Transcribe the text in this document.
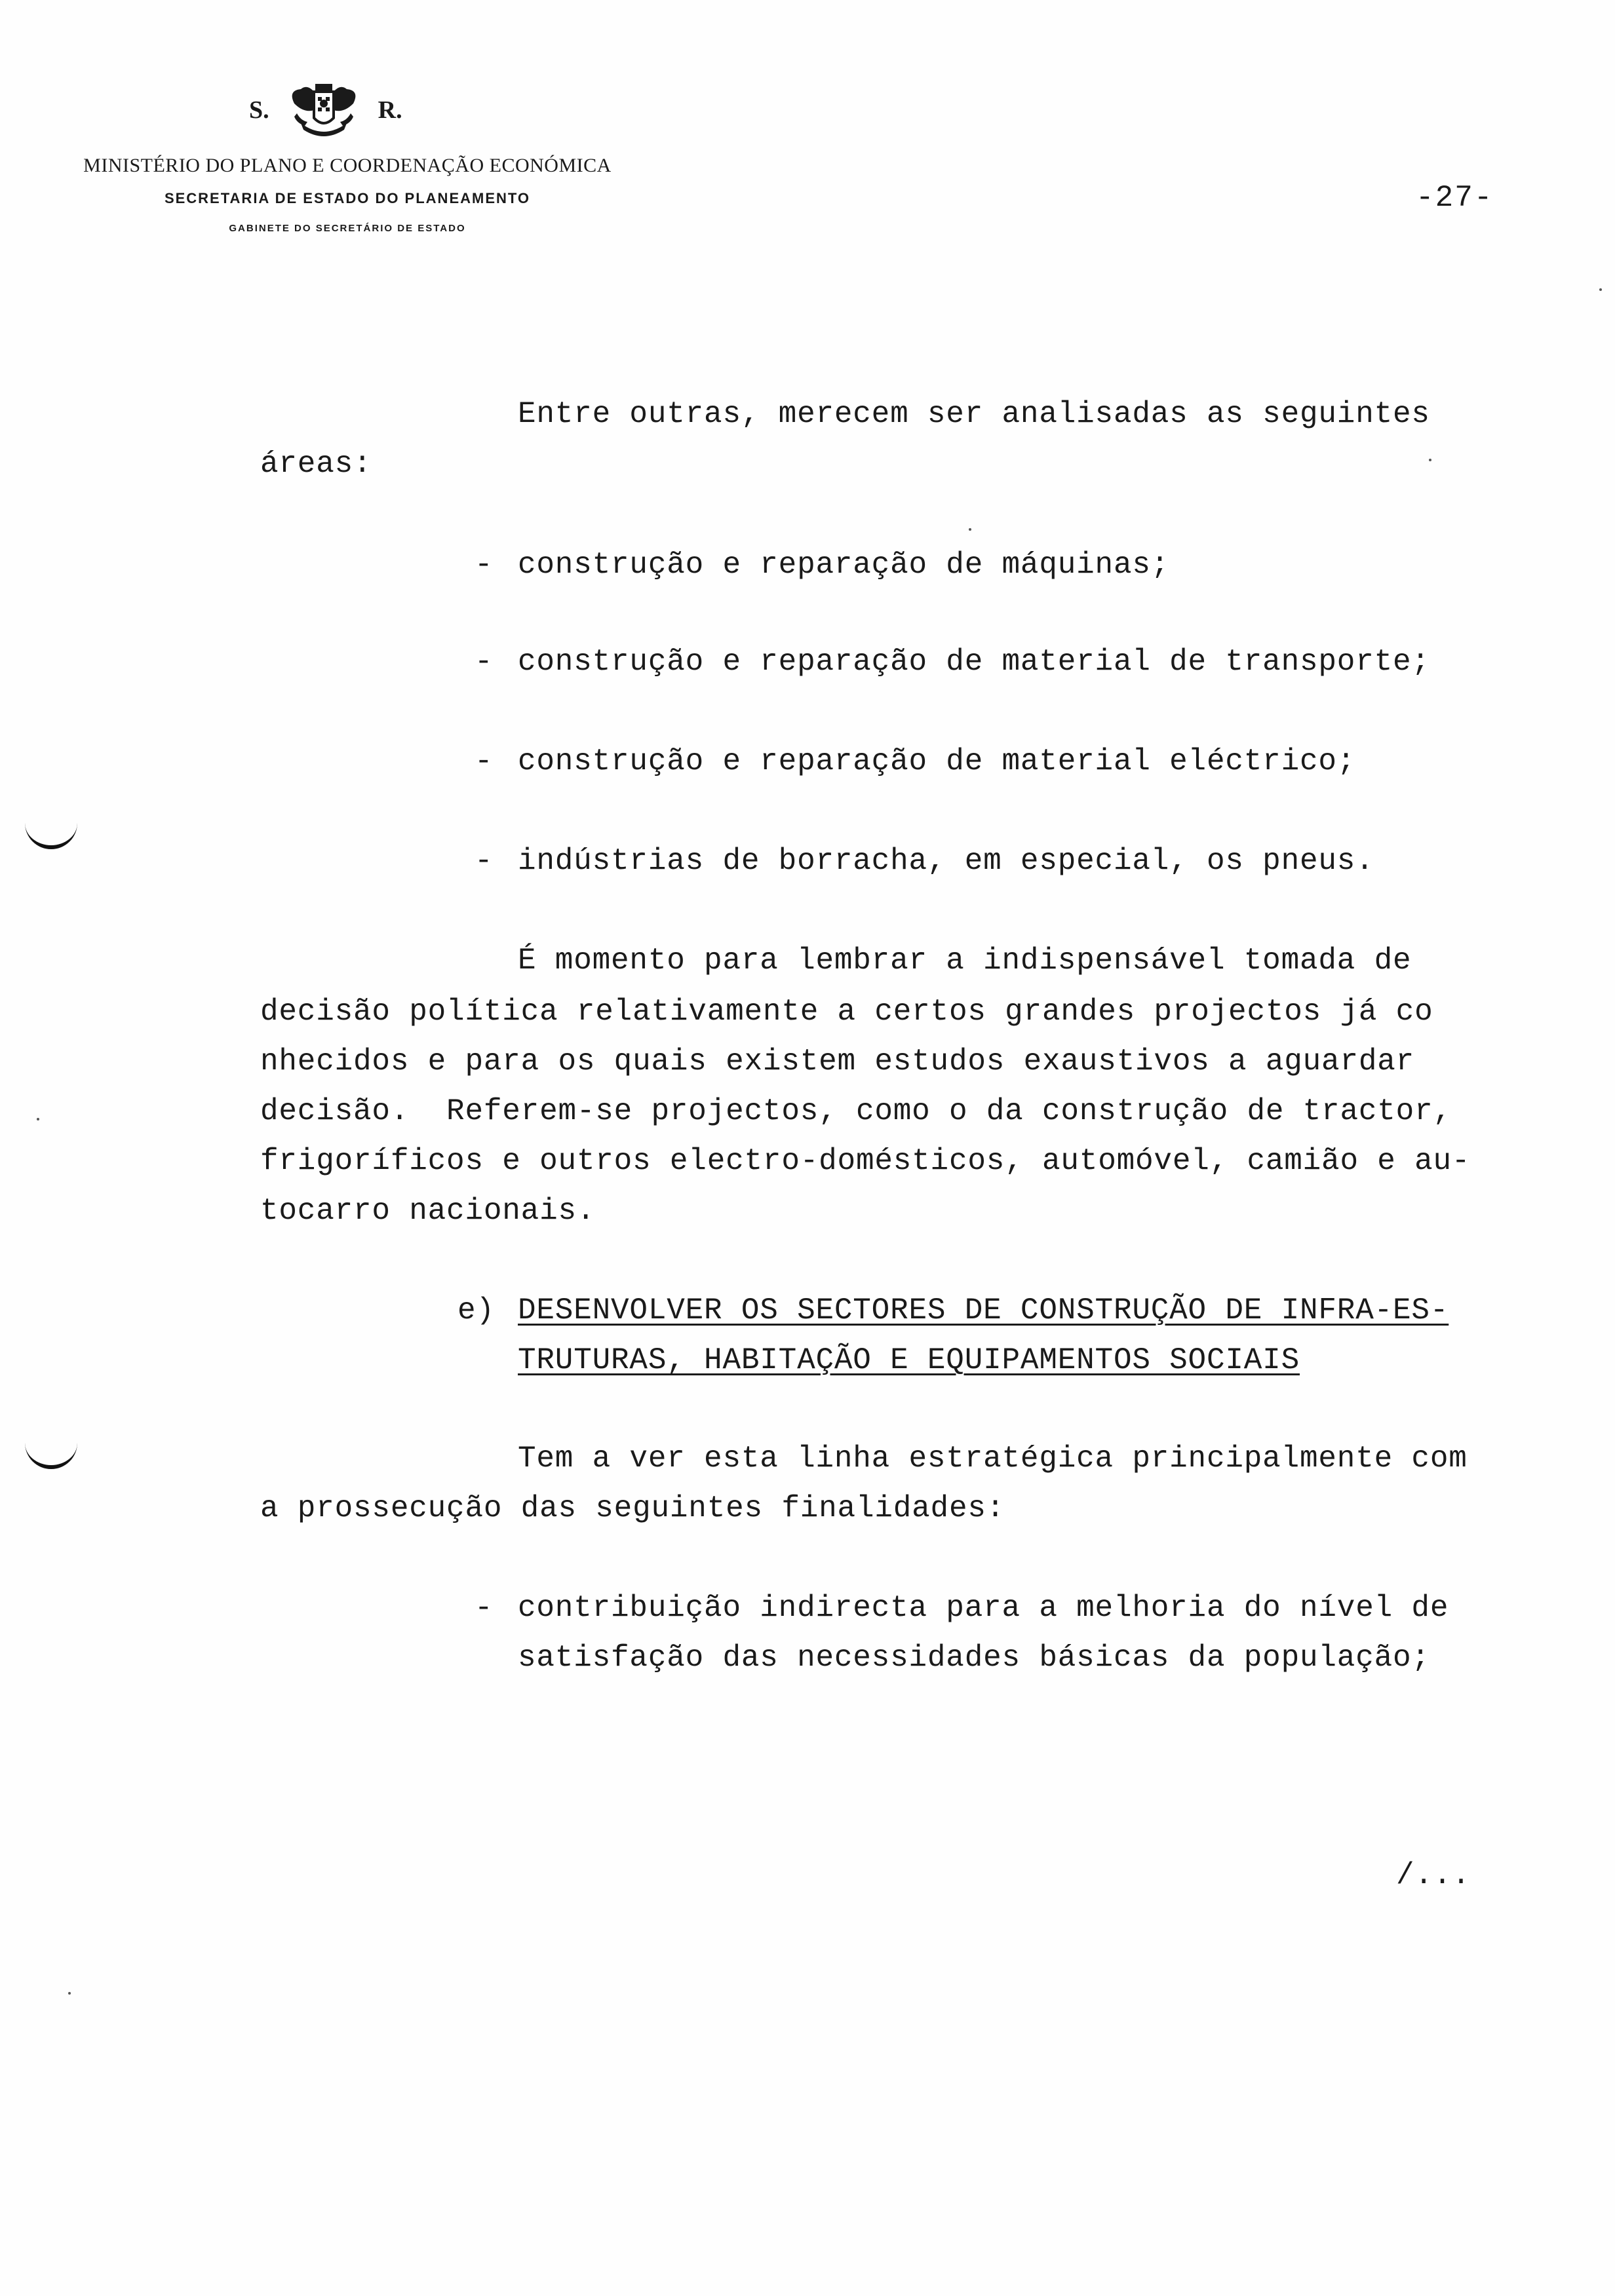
S.	R.
MINISTÉRIO DO PLANO E COORDENAÇÃO ECONÓMICA
SECRETARIA DE ESTADO DO PLANEAMENTO
GABINETE DO SECRETÁRIO DE ESTADO
-27-
Entre outras, merecem ser analisadas as seguintes
áreas:
- construção e reparação de máquinas;
- construção e reparação de material de transporte;
- construção e reparação de material eléctrico;
- indústrias de borracha, em especial, os pneus.
É momento para lembrar a indispensável tomada de
decisão política relativamente a certos grandes projectos já co
nhecidos e para os quais existem estudos exaustivos a aguardar
decisão.  Referem-se projectos, como o da construção de tractor,
frigoríficos e outros electro-domésticos, automóvel, camião e au-
tocarro nacionais.
e) DESENVOLVER OS SECTORES DE CONSTRUÇÃO DE INFRA-ES-
TRUTURAS, HABITAÇÃO E EQUIPAMENTOS SOCIAIS
Tem a ver esta linha estratégica principalmente com
a prossecução das seguintes finalidades:
- contribuição indirecta para a melhoria do nível de
satisfação das necessidades básicas da população;
/...
